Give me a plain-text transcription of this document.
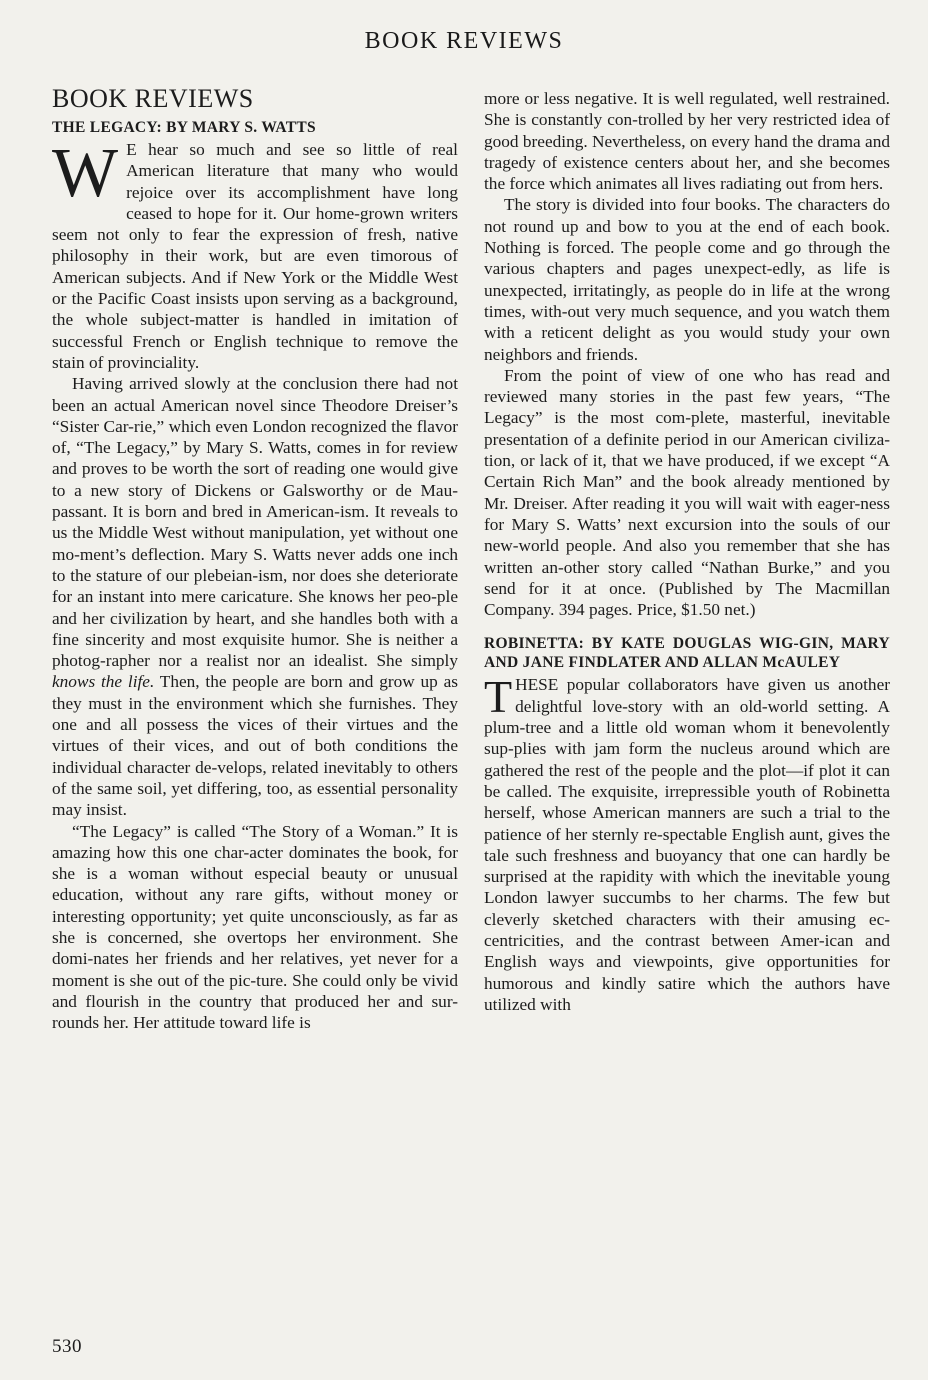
BOOK REVIEWS
BOOK REVIEWS
THE LEGACY: BY MARY S. WATTS

W E hear so much and see so little of real American literature that many who would rejoice over its accomplishment have long ceased to hope for it. Our home-grown writers seem not only to fear the expression of fresh, native philosophy in their work, but are even timorous of American subjects. And if New York or the Middle West or the Pacific Coast insists upon serving as a background, the whole subject-matter is handled in imitation of successful French or English technique to remove the stain of provinciality.

Having arrived slowly at the conclusion there had not been an actual American novel since Theodore Dreiser’s “Sister Car-rie,” which even London recognized the flavor of, “The Legacy,” by Mary S. Watts, comes in for review and proves to be worth the sort of reading one would give to a new story of Dickens or Galsworthy or de Mau-passant. It is born and bred in American-ism. It reveals to us the Middle West without manipulation, yet without one mo-ment’s deflection. Mary S. Watts never adds one inch to the stature of our plebeian-ism, nor does she deteriorate for an instant into mere caricature. She knows her peo-ple and her civilization by heart, and she handles both with a fine sincerity and most exquisite humor. She is neither a photog-rapher nor a realist nor an idealist. She simply knows the life. Then, the people are born and grow up as they must in the environment which she furnishes. They one and all possess the vices of their virtues and the virtues of their vices, and out of both conditions the individual character de-velops, related inevitably to others of the same soil, yet differing, too, as essential personality may insist.

“The Legacy” is called “The Story of a Woman.” It is amazing how this one char-acter dominates the book, for she is a woman without especial beauty or unusual education, without any rare gifts, without money or interesting opportunity; yet quite unconsciously, as far as she is concerned, she overtops her environment. She domi-nates her friends and her relatives, yet never for a moment is she out of the pic-ture. She could only be vivid and flourish in the country that produced her and sur-rounds her. Her attitude toward life is

more or less negative. It is well regulated, well restrained. She is constantly con-trolled by her very restricted idea of good breeding. Nevertheless, on every hand the drama and tragedy of existence centers about her, and she becomes the force which animates all lives radiating out from hers.

The story is divided into four books. The characters do not round up and bow to you at the end of each book. Nothing is forced. The people come and go through the various chapters and pages unexpect-edly, as life is unexpected, irritatingly, as people do in life at the wrong times, with-out very much sequence, and you watch them with a reticent delight as you would study your own neighbors and friends.

From the point of view of one who has read and reviewed many stories in the past few years, “The Legacy” is the most com-plete, masterful, inevitable presentation of a definite period in our American civiliza-tion, or lack of it, that we have produced, if we except “A Certain Rich Man” and the book already mentioned by Mr. Dreiser. After reading it you will wait with eager-ness for Mary S. Watts’ next excursion into the souls of our new-world people. And also you remember that she has written an-other story called “Nathan Burke,” and you send for it at once. (Published by The Macmillan Company. 394 pages. Price, $1.50 net.)

ROBINETTA: BY KATE DOUGLAS WIG-GIN, MARY AND JANE FINDLATER AND ALLAN McAULEY

THESE popular collaborators have given us another delightful love-story with an old-world setting. A plum-tree and a little old woman whom it benevolently sup-plies with jam form the nucleus around which are gathered the rest of the people and the plot—if plot it can be called. The exquisite, irrepressible youth of Robinetta herself, whose American manners are such a trial to the patience of her sternly re-spectable English aunt, gives the tale such freshness and buoyancy that one can hardly be surprised at the rapidity with which the inevitable young London lawyer succumbs to her charms. The few but cleverly sketched characters with their amusing ec-centricities, and the contrast between Amer-ican and English ways and viewpoints, give opportunities for humorous and kindly satire which the authors have utilized with

530
